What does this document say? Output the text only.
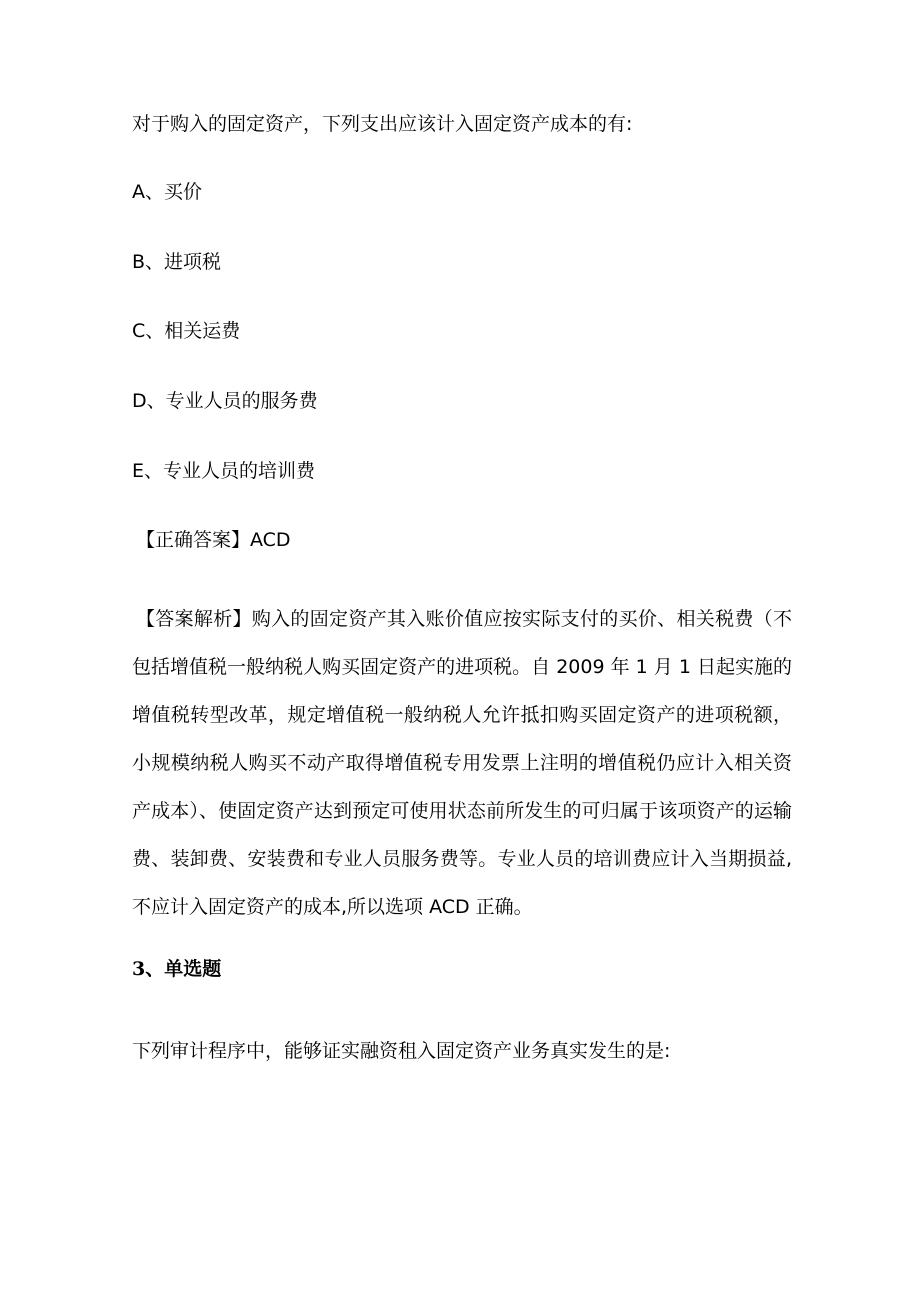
对于购入的固定资产，下列支出应该计入固定资产成本的有:
A、买价
B、进项税
C、相关运费
D、专业人员的服务费
E、专业人员的培训费
【正确答案】ACD

【答案解析】购入的固定资产其入账价值应按实际支付的买价、相关税费（不包括增值税一般纳税人购买固定资产的进项税。自 2009 年 1 月 1 日起实施的增值税转型改革，规定增值税一般纳税人允许抵扣购买固定资产的进项税额，小规模纳税人购买不动产取得增值税专用发票上注明的增值税仍应计入相关资产成本）、使固定资产达到预定可使用状态前所发生的可归属于该项资产的运输费、装卸费、安装费和专业人员服务费等。专业人员的培训费应计入当期损益,不应计入固定资产的成本,所以选项 ACD 正确。

3、单选题
下列审计程序中，能够证实融资租入固定资产业务真实发生的是:
